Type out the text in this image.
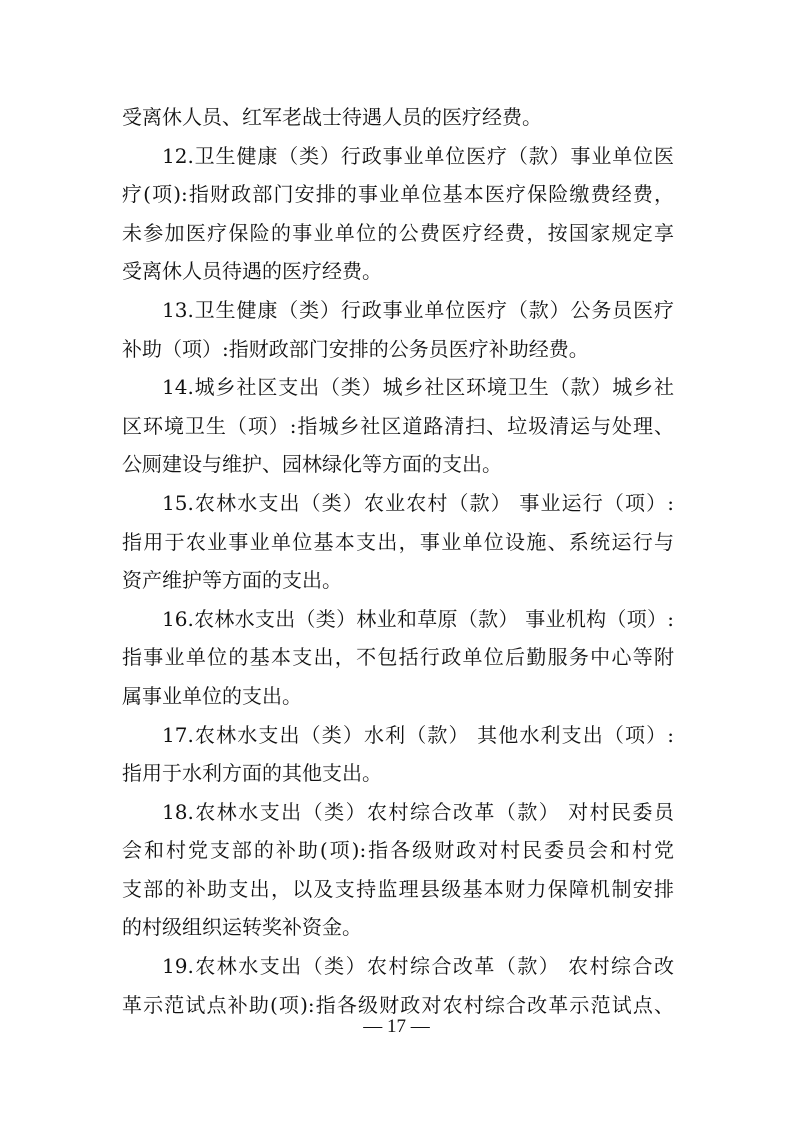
受离休人员、红军老战士待遇人员的医疗经费。
12.卫生健康（类）行政事业单位医疗（款）事业单位医
疗(项):指财政部门安排的事业单位基本医疗保险缴费经费，
未参加医疗保险的事业单位的公费医疗经费，按国家规定享
受离休人员待遇的医疗经费。
13.卫生健康（类）行政事业单位医疗（款）公务员医疗
补助（项）:指财政部门安排的公务员医疗补助经费。
14.城乡社区支出（类）城乡社区环境卫生（款）城乡社
区环境卫生（项）:指城乡社区道路清扫、垃圾清运与处理、
公厕建设与维护、园林绿化等方面的支出。
15.农林水支出（类）农业农村（款） 事业运行（项）:
指用于农业事业单位基本支出，事业单位设施、系统运行与
资产维护等方面的支出。
16.农林水支出（类）林业和草原（款） 事业机构（项）:
指事业单位的基本支出，不包括行政单位后勤服务中心等附
属事业单位的支出。
17.农林水支出（类）水利（款） 其他水利支出（项）:
指用于水利方面的其他支出。
18.农林水支出（类）农村综合改革（款） 对村民委员
会和村党支部的补助(项):指各级财政对村民委员会和村党
支部的补助支出，以及支持监理县级基本财力保障机制安排
的村级组织运转奖补资金。
19.农林水支出（类）农村综合改革（款） 农村综合改
革示范试点补助(项):指各级财政对农村综合改革示范试点、
— 17 —
